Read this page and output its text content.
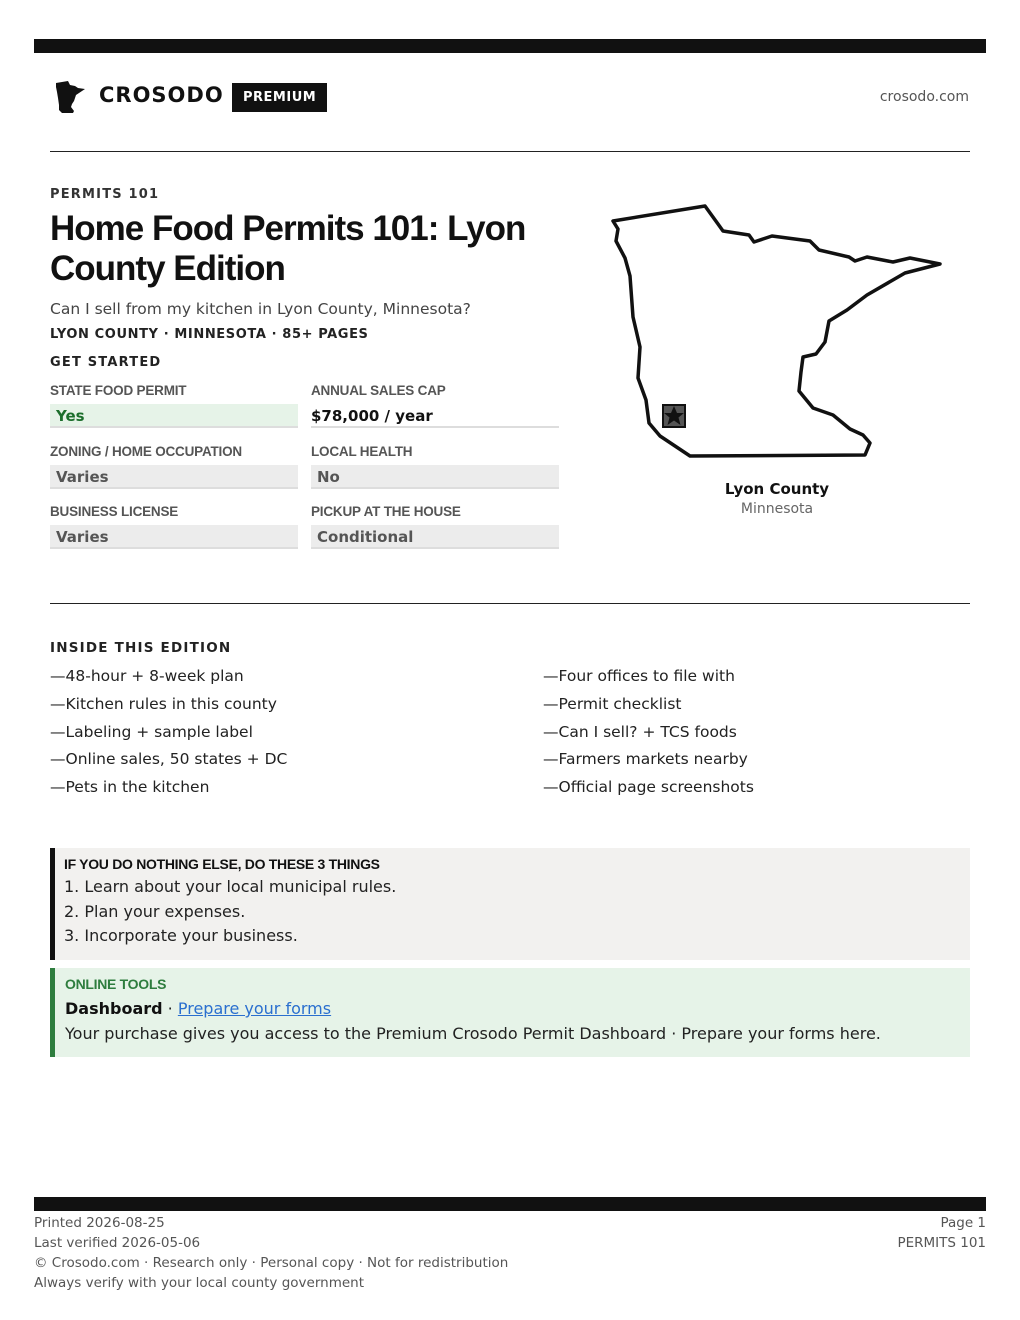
CROSODO	PREMIUM	crosodo.com
PERMITS 101
Home Food Permits 101: Lyon County Edition

Can I sell from my kitchen in Lyon County, Minnesota?

LYON COUNTY · MINNESOTA · 85+ PAGES
GET STARTED
STATE FOOD PERMIT
Yes
ANNUAL SALES CAP
$78,000 / year
ZONING / HOME OCCUPATION
Varies
LOCAL HEALTH
No
BUSINESS LICENSE
Varies
PICKUP AT THE HOUSE
Conditional
Lyon County
Minnesota
INSIDE THIS EDITION
—48-hour + 8-week plan
—Kitchen rules in this county
—Labeling + sample label
—Online sales, 50 states + DC
—Pets in the kitchen
—Four offices to file with
—Permit checklist
—Can I sell? + TCS foods
—Farmers markets nearby
—Official page screenshots
IF YOU DO NOTHING ELSE, DO THESE 3 THINGS
1. Learn about your local municipal rules.
2. Plan your expenses.
3. Incorporate your business.
ONLINE TOOLS
Dashboard · Prepare your forms
Your purchase gives you access to the Premium Crosodo Permit Dashboard · Prepare your forms here.
Printed 2026-08-25
Last verified 2026-05-06
© Crosodo.com · Research only · Personal copy · Not for redistribution
Always verify with your local county government
Page 1
PERMITS 101
